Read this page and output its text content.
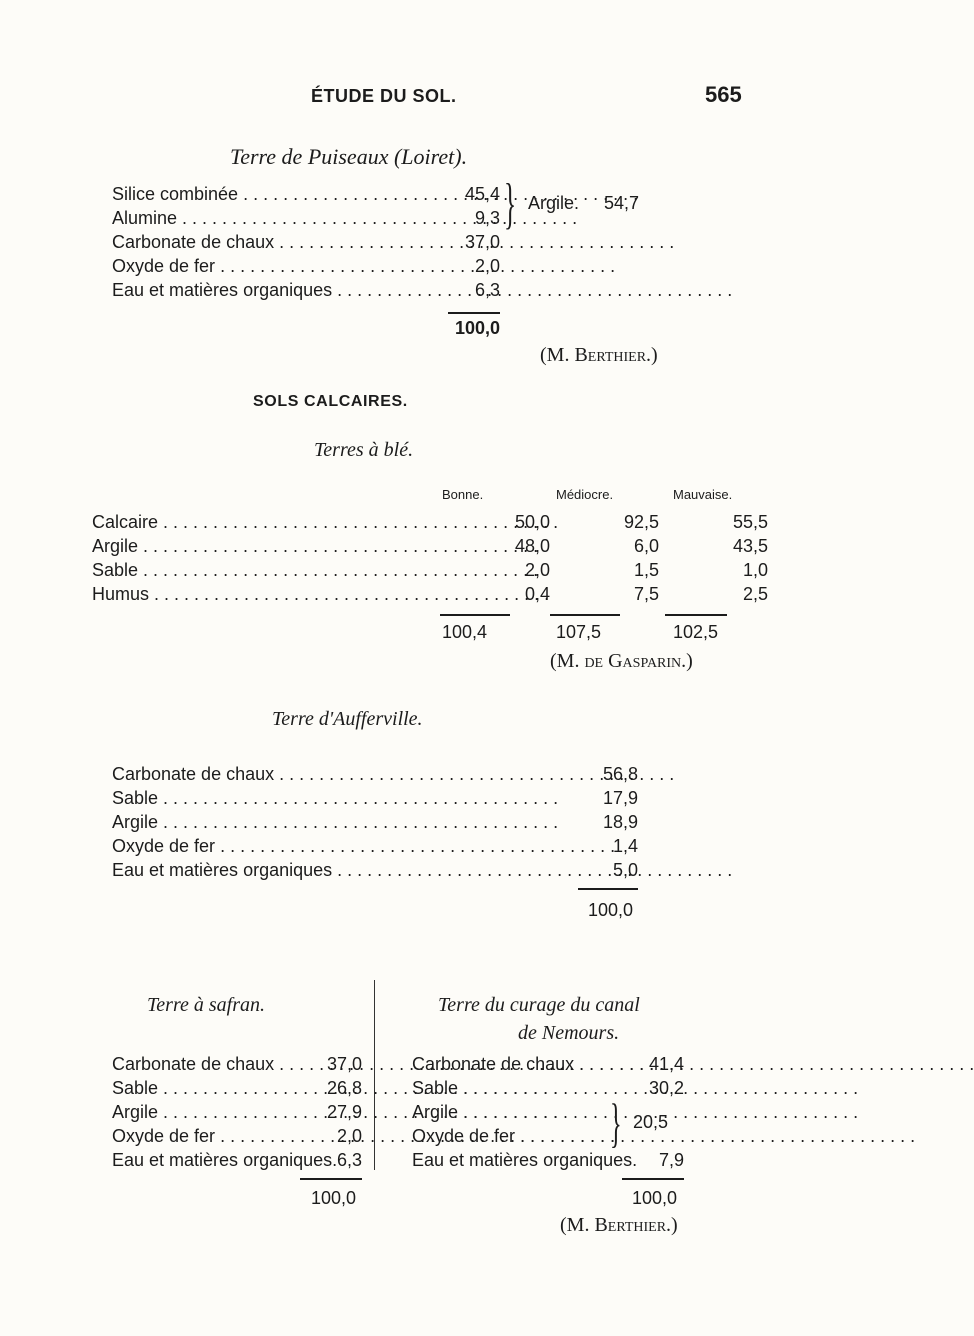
ÉTUDE DU SOL.	565
Terre de Puiseaux (Loiret).
Silice combinée . . .	45,4
Alumine . . .	9,3
Carbonate de chaux . . .	37,0
Oxyde de fer . . .	2,0
Eau et matières organiques . . .	6,3
} Argile. 54,7
100,0
(M. Berthier.)
SOLS CALCAIRES.
Terres à blé.
Bonne.	Médiocre.	Mauvaise.
Calcaire . . .	50,0	92,5	55,5
Argile . . .	48,0	6,0	43,5
Sable . . .	2,0	1,5	1,0
Humus . . .	0,4	7,5	2,5
100,4	107,5	102,5
(M. de Gasparin.)
Terre d'Aufferville.
Carbonate de chaux . . .	56,8
Sable . . .	17,9
Argile . . .	18,9
Oxyde de fer . . .	1,4
Eau et matières organiques . . .	5,0
100,0
Terre à safran.
Carbonate de chaux . . .	37,0
Sable . . .	26,8
Argile . . .	27,9
Oxyde de fer . . .	2,0
Eau et matières organiques. 6,3
100,0
Terre du curage du canal
de Nemours.
Carbonate de chaux . . .	41,4
Sable . . .	30,2
Argile . . .
Oxyde de fer . . .	} 20,5
Eau et matières organiques. 7,9
100,0
(M. Berthier.)
